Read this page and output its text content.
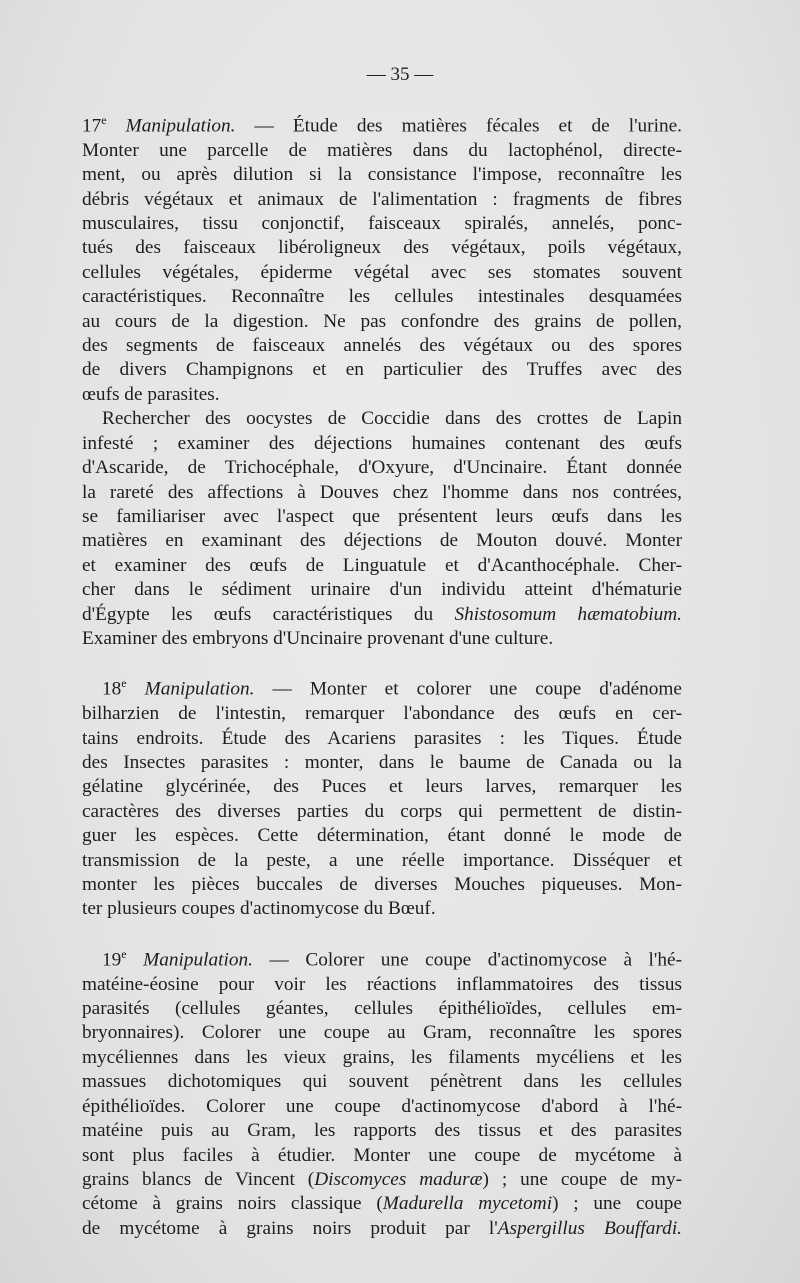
— 35 —
17e Manipulation. — Étude des matières fécales et de l'urine.
Monter une parcelle de matières dans du lactophénol, directe-
ment, ou après dilution si la consistance l'impose, reconnaître les
débris végétaux et animaux de l'alimentation : fragments de fibres
musculaires, tissu conjonctif, faisceaux spiralés, annelés, ponc-
tués des faisceaux libéroligneux des végétaux, poils végétaux,
cellules végétales, épiderme végétal avec ses stomates souvent
caractéristiques. Reconnaître les cellules intestinales desquamées
au cours de la digestion. Ne pas confondre des grains de pollen,
des segments de faisceaux annelés des végétaux ou des spores
de divers Champignons et en particulier des Truffes avec des
œufs de parasites.
Rechercher des oocystes de Coccidie dans des crottes de Lapin
infesté ; examiner des déjections humaines contenant des œufs
d'Ascaride, de Trichocéphale, d'Oxyure, d'Uncinaire. Étant donnée
la rareté des affections à Douves chez l'homme dans nos contrées,
se familiariser avec l'aspect que présentent leurs œufs dans les
matières en examinant des déjections de Mouton douvé. Monter
et examiner des œufs de Linguatule et d'Acanthocéphale. Cher-
cher dans le sédiment urinaire d'un individu atteint d'hématurie
d'Égypte les œufs caractéristiques du Shistosomum hæmatobium.
Examiner des embryons d'Uncinaire provenant d'une culture.
18e Manipulation. — Monter et colorer une coupe d'adénome
bilharzien de l'intestin, remarquer l'abondance des œufs en cer-
tains endroits. Étude des Acariens parasites : les Tiques. Étude
des Insectes parasites : monter, dans le baume de Canada ou la
gélatine glycérinée, des Puces et leurs larves, remarquer les
caractères des diverses parties du corps qui permettent de distin-
guer les espèces. Cette détermination, étant donné le mode de
transmission de la peste, a une réelle importance. Disséquer et
monter les pièces buccales de diverses Mouches piqueuses. Mon-
ter plusieurs coupes d'actinomycose du Bœuf.
19e Manipulation. — Colorer une coupe d'actinomycose à l'hé-
matéine-éosine pour voir les réactions inflammatoires des tissus
parasités (cellules géantes, cellules épithélioïdes, cellules em-
bryonnaires). Colorer une coupe au Gram, reconnaître les spores
mycéliennes dans les vieux grains, les filaments mycéliens et les
massues dichotomiques qui souvent pénètrent dans les cellules
épithélioïdes. Colorer une coupe d'actinomycose d'abord à l'hé-
matéine puis au Gram, les rapports des tissus et des parasites
sont plus faciles à étudier. Monter une coupe de mycétome à
grains blancs de Vincent (Discomyces maduræ) ; une coupe de my-
cétome à grains noirs classique (Madurella mycetomi) ; une coupe
de mycétome à grains noirs produit par l'Aspergillus Bouffardi.
